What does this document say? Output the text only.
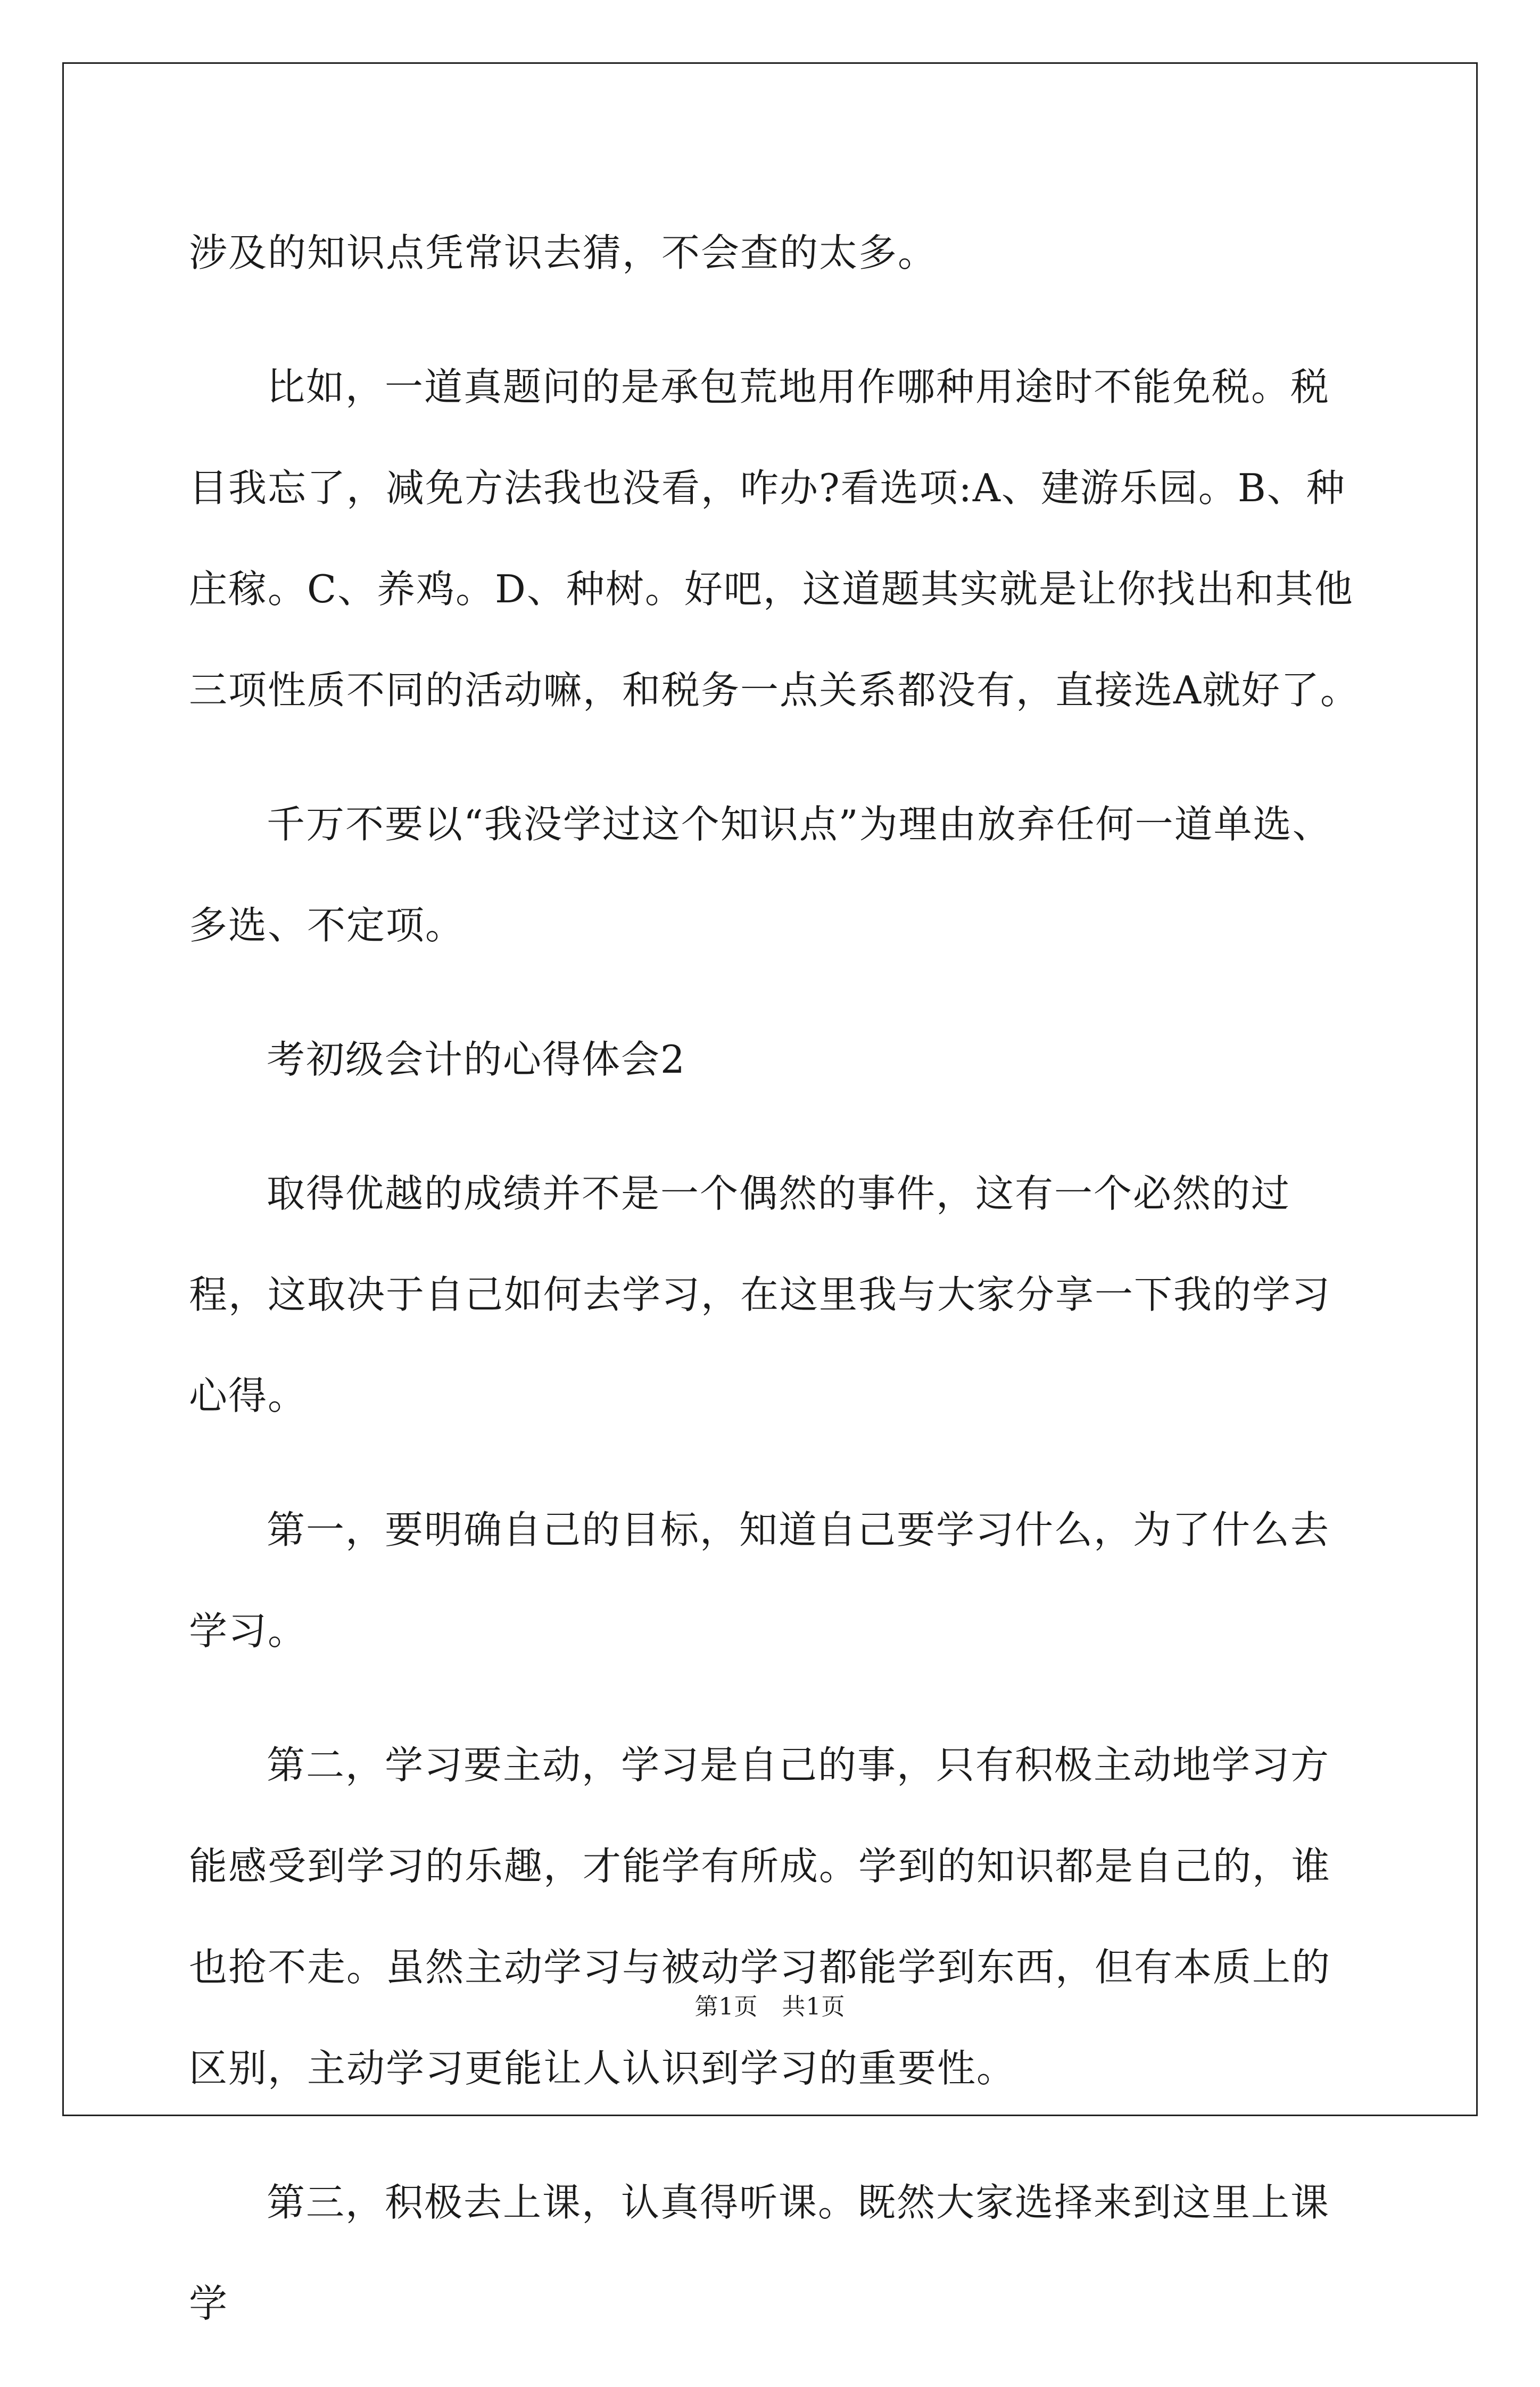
涉及的知识点凭常识去猜，不会查的太多。

比如，一道真题问的是承包荒地用作哪种用途时不能免税。税目我忘了，减免方法我也没看，咋办?看选项:A、建游乐园。B、种庄稼。C、养鸡。D、种树。好吧，这道题其实就是让你找出和其他三项性质不同的活动嘛，和税务一点关系都没有，直接选A就好了。

千万不要以“我没学过这个知识点”为理由放弃任何一道单选、多选、不定项。

考初级会计的心得体会2

取得优越的成绩并不是一个偶然的事件，这有一个必然的过程，这取决于自己如何去学习，在这里我与大家分享一下我的学习心得。

第一，要明确自己的目标，知道自己要学习什么，为了什么去学习。

第二，学习要主动，学习是自己的事，只有积极主动地学习方能感受到学习的乐趣，才能学有所成。学到的知识都是自己的，谁也抢不走。虽然主动学习与被动学习都能学到东西，但有本质上的区别，主动学习更能让人认识到学习的重要性。

第三，积极去上课，认真得听课。既然大家选择来到这里上课学

第1页　共1页
